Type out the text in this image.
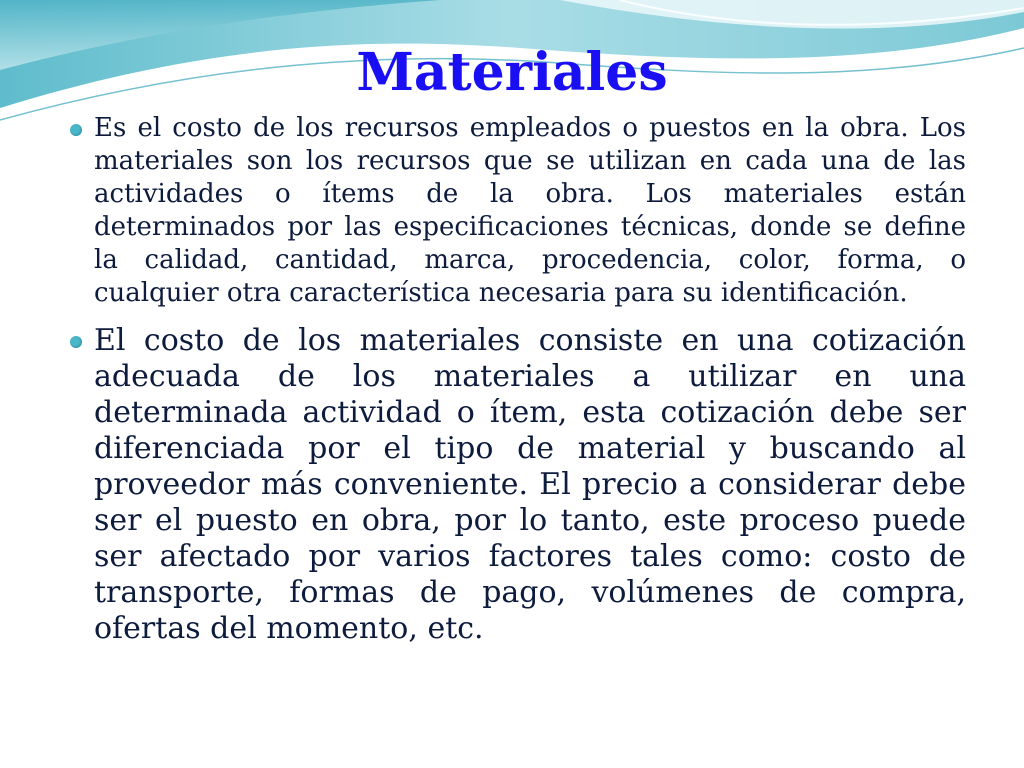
Materiales
Es el costo de los recursos empleados o puestos en la obra. Los materiales son los recursos que se utilizan en cada una de las actividades o ítems de la obra. Los materiales están determinados por las especificaciones técnicas, donde se define la calidad, cantidad, marca, procedencia, color, forma, o cualquier otra característica necesaria para su identificación.
El costo de los materiales consiste en una cotización adecuada de los materiales a utilizar en una determinada actividad o ítem, esta cotización debe ser diferenciada por el tipo de material y buscando al proveedor más conveniente. El precio a considerar debe ser el puesto en obra, por lo tanto, este proceso puede ser afectado por varios factores tales como: costo de transporte, formas de pago, volúmenes de compra, ofertas del momento, etc.
